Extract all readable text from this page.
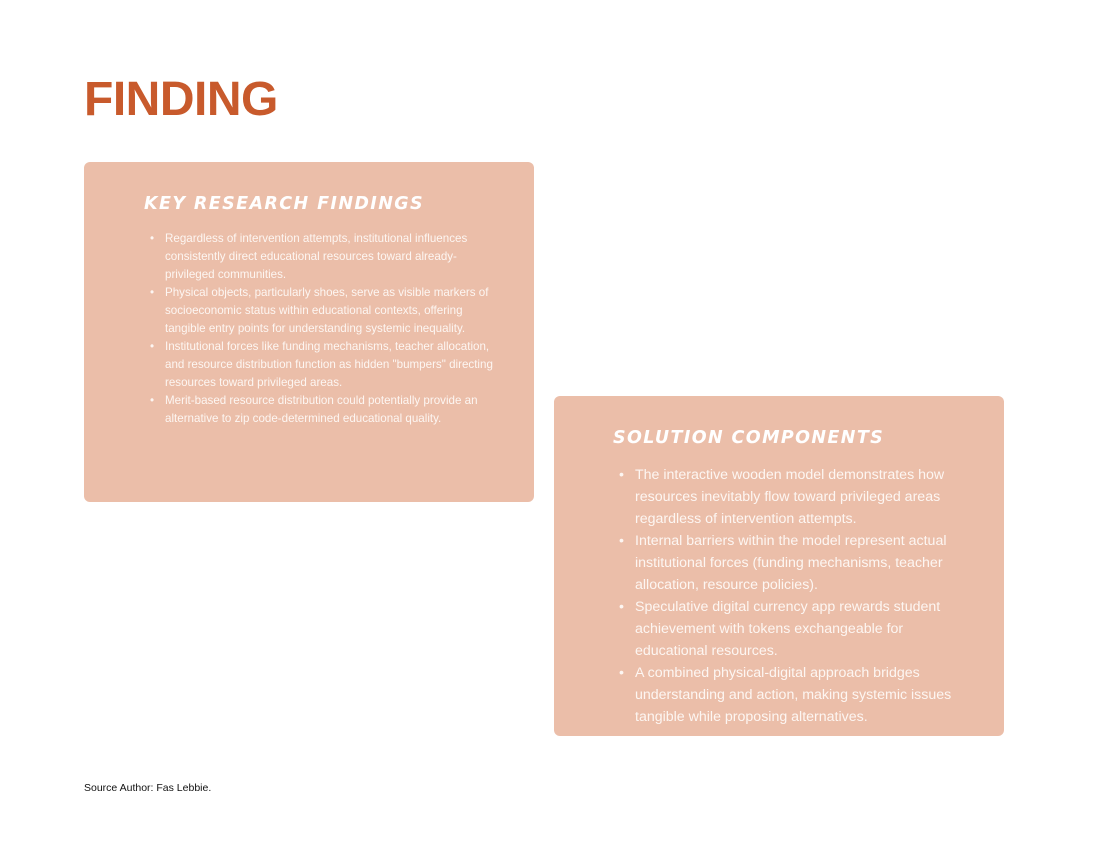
FINDING
KEY RESEARCH FINDINGS
• Regardless of intervention attempts, institutional influences consistently direct educational resources toward already-privileged communities.
• Physical objects, particularly shoes, serve as visible markers of socioeconomic status within educational contexts, offering tangible entry points for understanding systemic inequality.
• Institutional forces like funding mechanisms, teacher allocation, and resource distribution function as hidden "bumpers" directing resources toward privileged areas.
• Merit-based resource distribution could potentially provide an alternative to zip code-determined educational quality.
SOLUTION COMPONENTS
• The interactive wooden model demonstrates how resources inevitably flow toward privileged areas regardless of intervention attempts.
• Internal barriers within the model represent actual institutional forces (funding mechanisms, teacher allocation, resource policies).
• Speculative digital currency app rewards student achievement with tokens exchangeable for educational resources.
• A combined physical-digital approach bridges understanding and action, making systemic issues tangible while proposing alternatives.

Source Author: Fas Lebbie.
